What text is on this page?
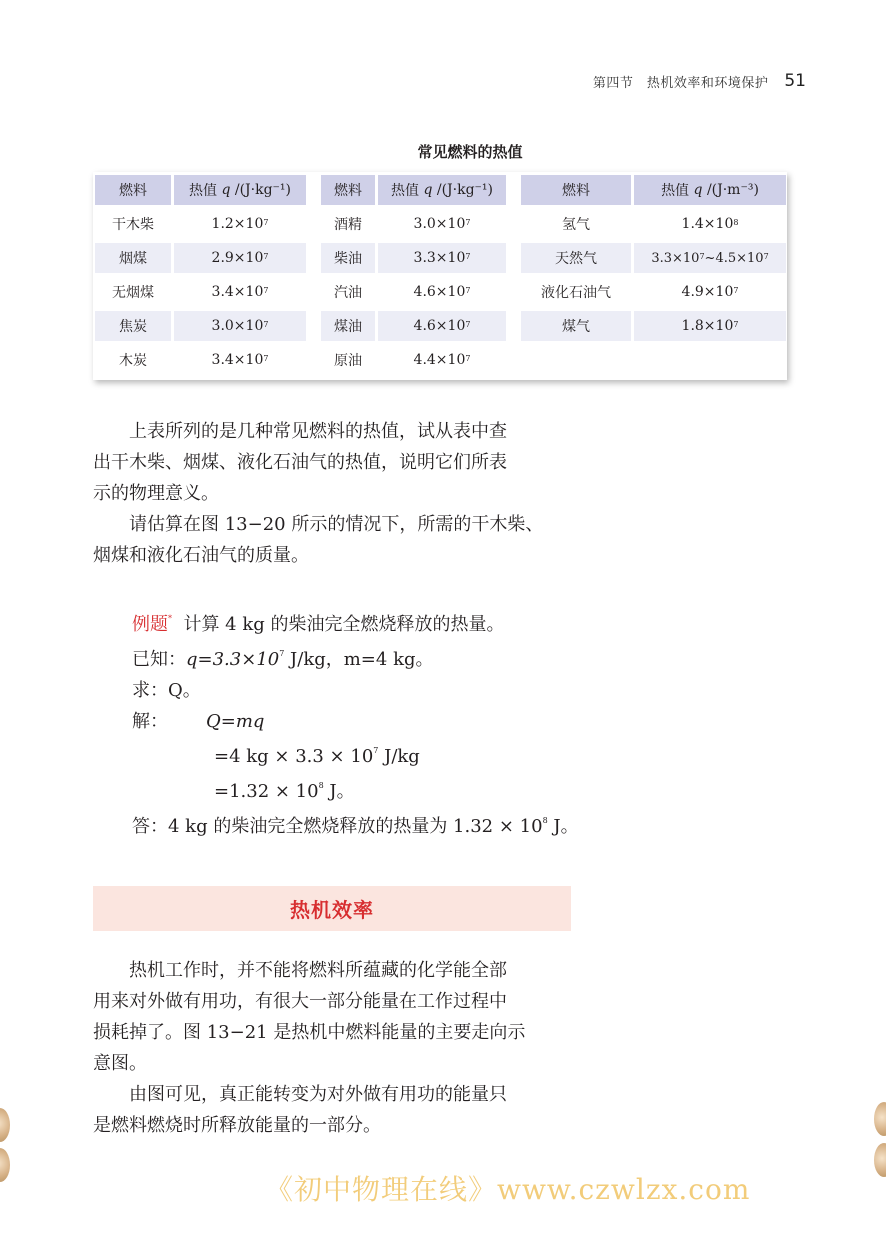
第四节　热机效率和环境保护 51
常见燃料的热值
燃料	热值
q
/(J·kg⁻¹)
干木柴	$1.2\times 10^7$
烟煤	$2.9\times 10^7$
无烟煤	$3.4\times 10^7$
焦炭	$3.0\times 10^7$
木炭	$3.4\times 10^7$
燃料	热值
q
/(J·kg⁻¹)
酒精	$3.0\times 10^7$
柴油	$3.3\times 10^7$
汽油	$4.6\times 10^7$
煤油	$4.6\times 10^7$
原油	$4.4\times 10^7$
燃料	热值
q
/(J·m⁻³)
氢气	$1.4\times 10^8$
天然气	$3.3\times 10^7$ $\sim 4.5\times 10^7$
液化石油气	$4.9\times 10^7$
煤气	$1.8\times 10^7$

上表所列的是几种常见燃料的热值，试从表中查

出干木柴、烟煤、液化石油气的热值，说明它们所表

示的物理意义。

请估算在图 13−20 所示的情况下，所需的干木柴、

烟煤和液化石油气的质量。

例题* 计算 4 kg 的柴油完全燃烧释放的热量。
已知：$q=3.3\times 10^7$ J/kg，m=4 kg。
求：Q。
解： Q=mq
=4 kg × $3.3 \times 10^7$ J/kg
$=1.32 \times 10^8$ J。
答：4 kg 的柴油完全燃烧释放的热量为 $1.32 \times 10^8$ J。
热机效率

热机工作时，并不能将燃料所蕴藏的化学能全部

用来对外做有用功，有很大一部分能量在工作过程中

损耗掉了。图 13−21 是热机中燃料能量的主要走向示

意图。

由图可见，真正能转变为对外做有用功的能量只

是燃料燃烧时所释放能量的一部分。

《初中物理在线》www.czwlzx.com
